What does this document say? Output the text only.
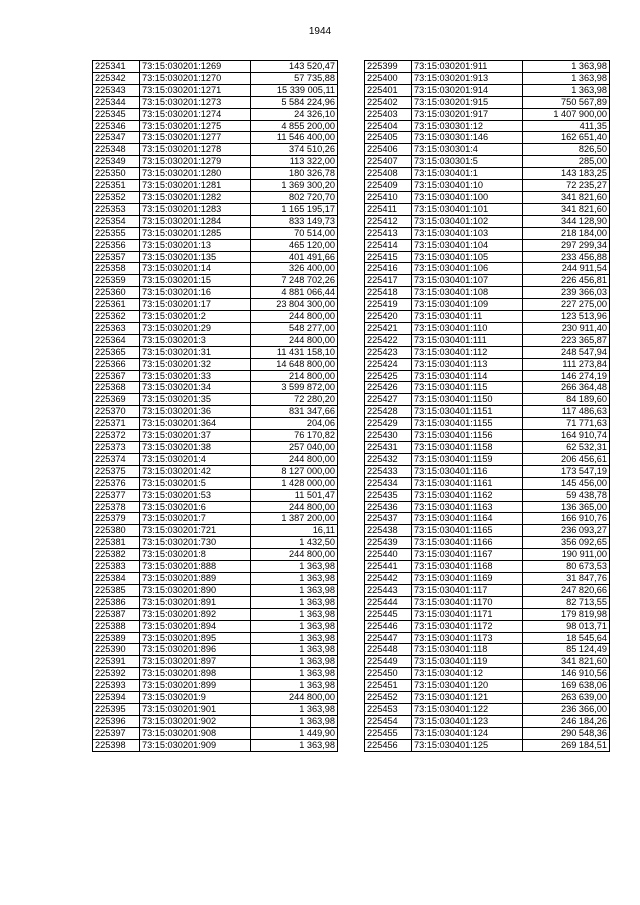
1944
225341	73:15:030201:1269	143 520,47
225342	73:15:030201:1270	57 735,88
225343	73:15:030201:1271	15 339 005,11
225344	73:15:030201:1273	5 584 224,96
225345	73:15:030201:1274	24 326,10
225346	73:15:030201:1275	4 855 200,00
225347	73:15:030201:1277	11 546 400,00
225348	73:15:030201:1278	374 510,26
225349	73:15:030201:1279	113 322,00
225350	73:15:030201:1280	180 326,78
225351	73:15:030201:1281	1 369 300,20
225352	73:15:030201:1282	802 720,70
225353	73:15:030201:1283	1 165 195,17
225354	73:15:030201:1284	833 149,73
225355	73:15:030201:1285	70 514,00
225356	73:15:030201:13	465 120,00
225357	73:15:030201:135	401 491,66
225358	73:15:030201:14	326 400,00
225359	73:15:030201:15	7 248 702,26
225360	73:15:030201:16	4 881 066,44
225361	73:15:030201:17	23 804 300,00
225362	73:15:030201:2	244 800,00
225363	73:15:030201:29	548 277,00
225364	73:15:030201:3	244 800,00
225365	73:15:030201:31	11 431 158,10
225366	73:15:030201:32	14 648 800,00
225367	73:15:030201:33	214 800,00
225368	73:15:030201:34	3 599 872,00
225369	73:15:030201:35	72 280,20
225370	73:15:030201:36	831 347,66
225371	73:15:030201:364	204,06
225372	73:15:030201:37	76 170,82
225373	73:15:030201:38	257 040,00
225374	73:15:030201:4	244 800,00
225375	73:15:030201:42	8 127 000,00
225376	73:15:030201:5	1 428 000,00
225377	73:15:030201:53	11 501,47
225378	73:15:030201:6	244 800,00
225379	73:15:030201:7	1 387 200,00
225380	73:15:030201:721	16,11
225381	73:15:030201:730	1 432,50
225382	73:15:030201:8	244 800,00
225383	73:15:030201:888	1 363,98
225384	73:15:030201:889	1 363,98
225385	73:15:030201:890	1 363,98
225386	73:15:030201:891	1 363,98
225387	73:15:030201:892	1 363,98
225388	73:15:030201:894	1 363,98
225389	73:15:030201:895	1 363,98
225390	73:15:030201:896	1 363,98
225391	73:15:030201:897	1 363,98
225392	73:15:030201:898	1 363,98
225393	73:15:030201:899	1 363,98
225394	73:15:030201:9	244 800,00
225395	73:15:030201:901	1 363,98
225396	73:15:030201:902	1 363,98
225397	73:15:030201:908	1 449,90
225398	73:15:030201:909	1 363,98
225399	73:15:030201:911	1 363,98
225400	73:15:030201:913	1 363,98
225401	73:15:030201:914	1 363,98
225402	73:15:030201:915	750 567,89
225403	73:15:030201:917	1 407 900,00
225404	73:15:030301:12	411,35
225405	73:15:030301:146	162 651,40
225406	73:15:030301:4	826,50
225407	73:15:030301:5	285,00
225408	73:15:030401:1	143 183,25
225409	73:15:030401:10	72 235,27
225410	73:15:030401:100	341 821,60
225411	73:15:030401:101	341 821,60
225412	73:15:030401:102	344 128,90
225413	73:15:030401:103	218 184,00
225414	73:15:030401:104	297 299,34
225415	73:15:030401:105	233 456,88
225416	73:15:030401:106	244 911,54
225417	73:15:030401:107	226 456,81
225418	73:15:030401:108	239 366,03
225419	73:15:030401:109	227 275,00
225420	73:15:030401:11	123 513,96
225421	73:15:030401:110	230 911,40
225422	73:15:030401:111	223 365,87
225423	73:15:030401:112	248 547,94
225424	73:15:030401:113	111 273,84
225425	73:15:030401:114	146 274,19
225426	73:15:030401:115	266 364,48
225427	73:15:030401:1150	84 189,60
225428	73:15:030401:1151	117 486,63
225429	73:15:030401:1155	71 771,63
225430	73:15:030401:1156	164 910,74
225431	73:15:030401:1158	62 532,31
225432	73:15:030401:1159	206 456,61
225433	73:15:030401:116	173 547,19
225434	73:15:030401:1161	145 456,00
225435	73:15:030401:1162	59 438,78
225436	73:15:030401:1163	136 365,00
225437	73:15:030401:1164	166 910,76
225438	73:15:030401:1165	236 093,27
225439	73:15:030401:1166	356 092,65
225440	73:15:030401:1167	190 911,00
225441	73:15:030401:1168	80 673,53
225442	73:15:030401:1169	31 847,76
225443	73:15:030401:117	247 820,66
225444	73:15:030401:1170	82 713,55
225445	73:15:030401:1171	179 819,98
225446	73:15:030401:1172	98 013,71
225447	73:15:030401:1173	18 545,64
225448	73:15:030401:118	85 124,49
225449	73:15:030401:119	341 821,60
225450	73:15:030401:12	146 910,56
225451	73:15:030401:120	169 638,06
225452	73:15:030401:121	263 639,00
225453	73:15:030401:122	236 366,00
225454	73:15:030401:123	246 184,26
225455	73:15:030401:124	290 548,36
225456	73:15:030401:125	269 184,51
